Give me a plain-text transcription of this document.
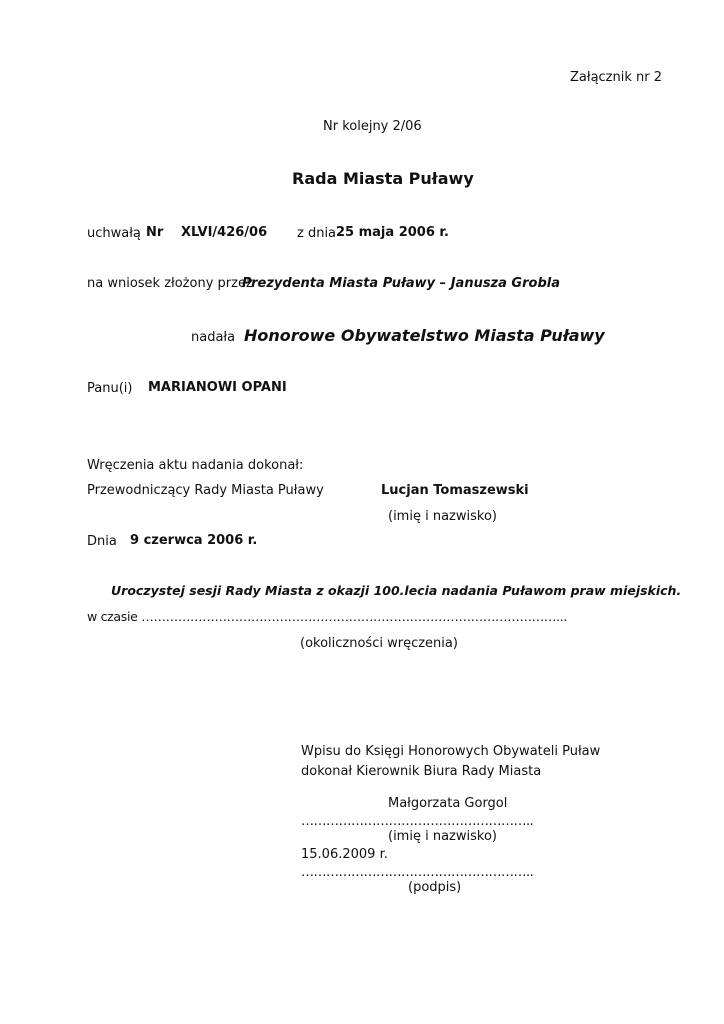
Załącznik nr 2
Nr kolejny 2/06
Rada Miasta Puławy
uchwałą Nr XLVI/426/06 z dnia 25 maja 2006 r.
na wniosek złożony przez
Prezydenta Miasta Puławy – Janusza Grobla
nadała Honorowe Obywatelstwo Miasta Puławy
Panu(i) MARIANOWI OPANI
Wręczenia aktu nadania dokonał:
Przewodniczący Rady Miasta Puławy	Lucjan Tomaszewski
(imię i nazwisko)
Dnia 9 czerwca 2006 r.
Uroczystej sesji Rady Miasta z okazji 100.lecia nadania Puławom praw miejskich.
w czasie …………………………………………………………………………………………...
(okoliczności wręczenia)
Wpisu do Księgi Honorowych Obywateli Puław
dokonał Kierownik Biura Rady Miasta
Małgorzata Gorgol
………………………………………………..
(imię i nazwisko)
15.06.2009 r.
………………………………………………..
(podpis)
